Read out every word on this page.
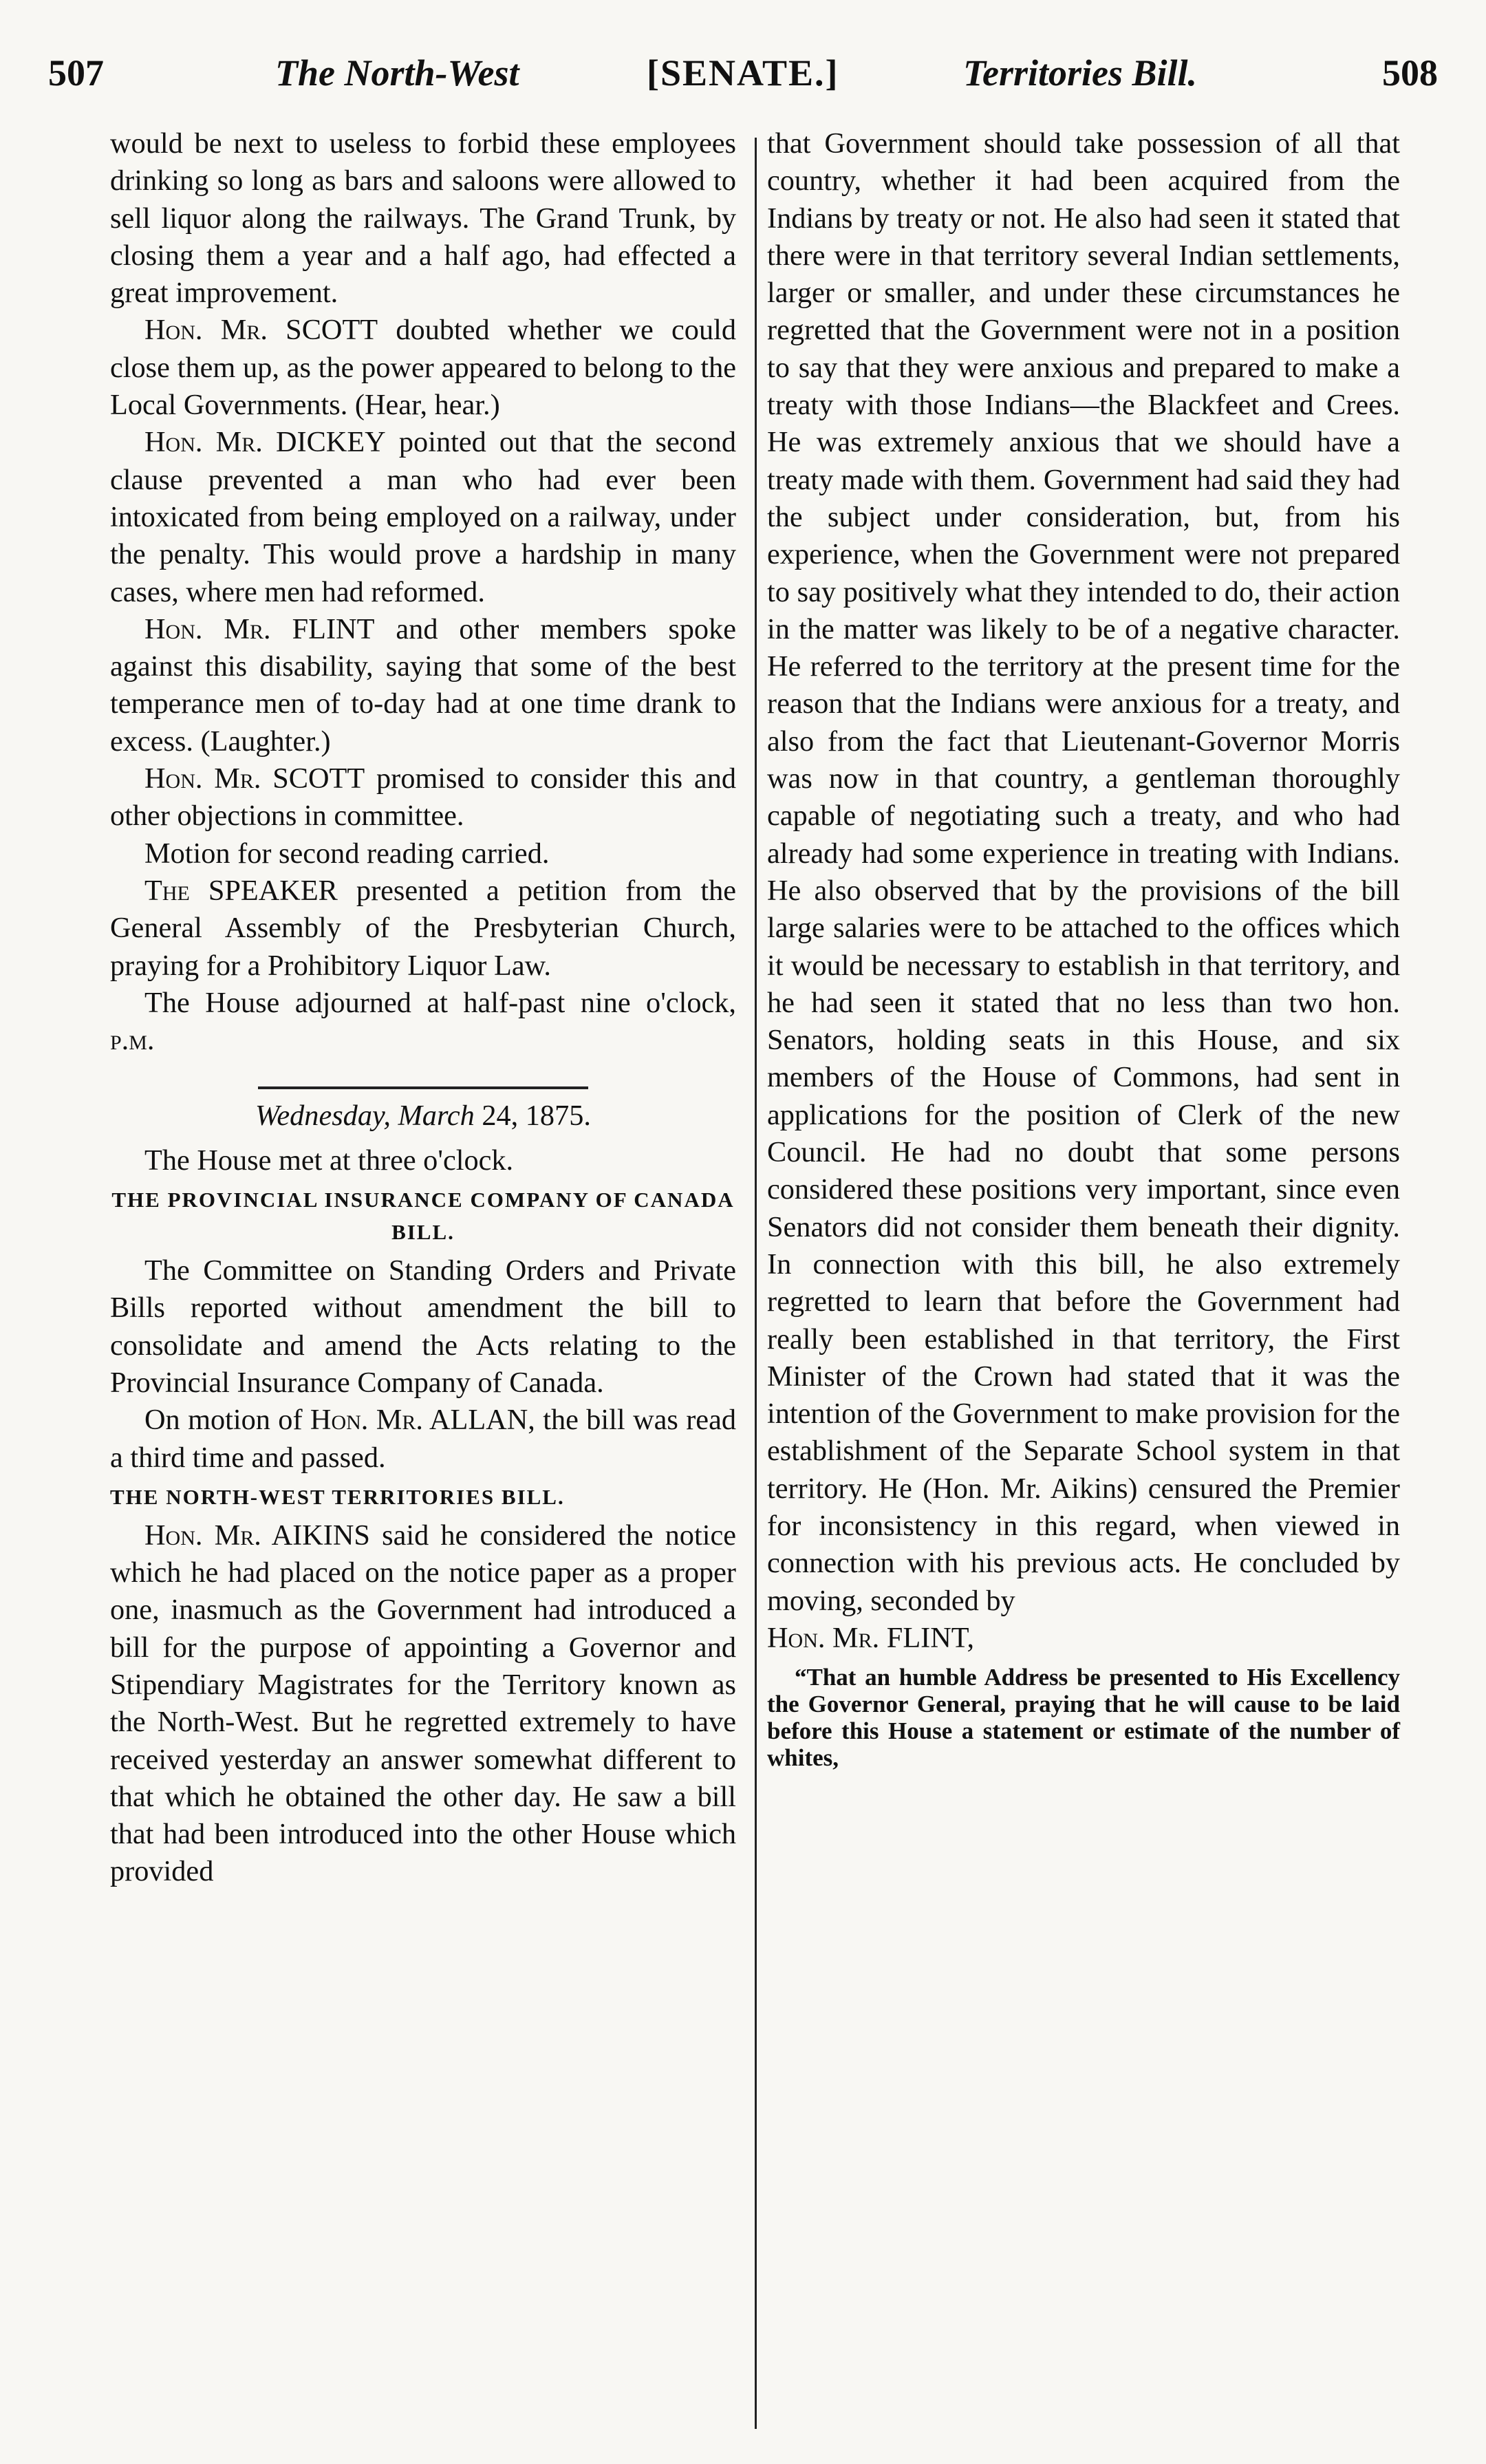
507	The North-West	[SENATE.]	Territories Bill.	508

would be next to useless to forbid these employees drinking so long as bars and saloons were allowed to sell liquor along the railways. The Grand Trunk, by closing them a year and a half ago, had effected a great improvement.

Hon. Mr. SCOTT doubted whether we could close them up, as the power appeared to belong to the Local Governments. (Hear, hear.)

Hon. Mr. DICKEY pointed out that the second clause prevented a man who had ever been intoxicated from being employed on a railway, under the penalty. This would prove a hardship in many cases, where men had reformed.

Hon. Mr. FLINT and other members spoke against this disability, saying that some of the best temperance men of to-day had at one time drank to excess. (Laughter.)

Hon. Mr. SCOTT promised to consider this and other objections in committee.

Motion for second reading carried.

The SPEAKER presented a petition from the General Assembly of the Presbyterian Church, praying for a Prohibitory Liquor Law.

The House adjourned at half-past nine o'clock, p.m.

Wednesday, March 24, 1875.

The House met at three o'clock.

THE PROVINCIAL INSURANCE COMPANY OF CANADA BILL.

The Committee on Standing Orders and Private Bills reported without amendment the bill to consolidate and amend the Acts relating to the Provincial Insurance Company of Canada.

On motion of Hon. Mr. ALLAN, the bill was read a third time and passed.

THE NORTH-WEST TERRITORIES BILL.

Hon. Mr. AIKINS said he considered the notice which he had placed on the notice paper as a proper one, inasmuch as the Government had introduced a bill for the purpose of appointing a Governor and Stipendiary Magistrates for the Territory known as the North-West. But he regretted extremely to have received yesterday an answer somewhat different to that which he obtained the other day. He saw a bill that had been introduced into the other House which provided

that Government should take possession of all that country, whether it had been acquired from the Indians by treaty or not. He also had seen it stated that there were in that territory several Indian settlements, larger or smaller, and under these circumstances he regretted that the Government were not in a position to say that they were anxious and prepared to make a treaty with those Indians—the Blackfeet and Crees. He was extremely anxious that we should have a treaty made with them. Government had said they had the subject under consideration, but, from his experience, when the Government were not prepared to say positively what they intended to do, their action in the matter was likely to be of a negative character. He referred to the territory at the present time for the reason that the Indians were anxious for a treaty, and also from the fact that Lieutenant-Governor Morris was now in that country, a gentleman thoroughly capable of negotiating such a treaty, and who had already had some experience in treating with Indians. He also observed that by the provisions of the bill large salaries were to be attached to the offices which it would be necessary to establish in that territory, and he had seen it stated that no less than two hon. Senators, holding seats in this House, and six members of the House of Commons, had sent in applications for the position of Clerk of the new Council. He had no doubt that some persons considered these positions very important, since even Senators did not consider them beneath their dignity. In connection with this bill, he also extremely regretted to learn that before the Government had really been established in that territory, the First Minister of the Crown had stated that it was the intention of the Government to make provision for the establishment of the Separate School system in that territory. He (Hon. Mr. Aikins) censured the Premier for inconsistency in this regard, when viewed in connection with his previous acts. He concluded by moving, seconded by

Hon. Mr. FLINT,

“That an humble Address be presented to His Excellency the Governor General, praying that he will cause to be laid before this House a statement or estimate of the number of whites,
